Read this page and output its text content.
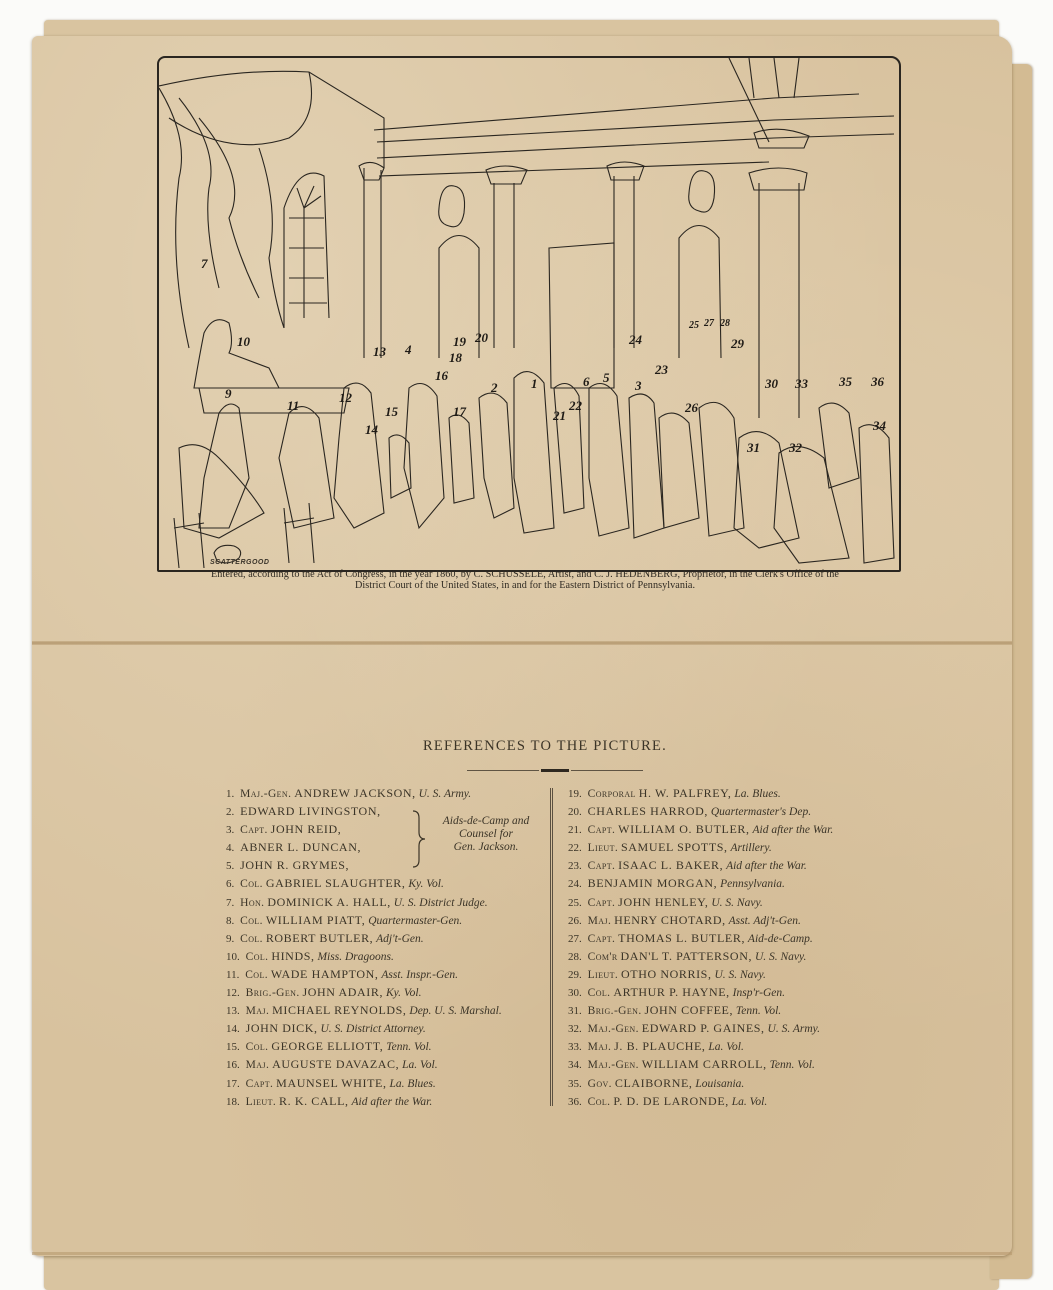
7
10
9
11
12
13 4
14
15
16
17
18
19 20
2	1
21
22
6 5
3
23
24
25 27 28
26
29
30 33 35 36
34
31 32
SCATTERGOOD
Entered, according to the Act of Congress, in the year 1860, by C. SCHUSSELE, Artist, and C. J. HEDENBERG, Proprietor, in the Clerk's Office of the
District Court of the United States, in and for the Eastern District of Pennsylvania.
REFERENCES TO THE PICTURE.
1. Maj.-Gen. ANDREW JACKSON, U. S. Army.
2. EDWARD LIVINGSTON,
3. Capt. JOHN REID,
4. ABNER L. DUNCAN,
5. JOHN R. GRYMES,
6. Col. GABRIEL SLAUGHTER, Ky. Vol.
7. Hon. DOMINICK A. HALL, U. S. District Judge.
8. Col. WILLIAM PIATT, Quartermaster-Gen.
9. Col. ROBERT BUTLER, Adj't-Gen.
10. Col. HINDS, Miss. Dragoons.
11. Col. WADE HAMPTON, Asst. Inspr.-Gen.
12. Brig.-Gen. JOHN ADAIR, Ky. Vol.
13. Maj. MICHAEL REYNOLDS, Dep. U. S. Marshal.
14. JOHN DICK, U. S. District Attorney.
15. Col. GEORGE ELLIOTT, Tenn. Vol.
16. Maj. AUGUSTE DAVAZAC, La. Vol.
17. Capt. MAUNSEL WHITE, La. Blues.
18. Lieut. R. K. CALL, Aid after the War.
19. Corporal H. W. PALFREY, La. Blues.
20. CHARLES HARROD, Quartermaster's Dep.
21. Capt. WILLIAM O. BUTLER, Aid after the War.
22. Lieut. SAMUEL SPOTTS, Artillery.
23. Capt. ISAAC L. BAKER, Aid after the War.
24. BENJAMIN MORGAN, Pennsylvania.
25. Capt. JOHN HENLEY, U. S. Navy.
26. Maj. HENRY CHOTARD, Asst. Adj't-Gen.
27. Capt. THOMAS L. BUTLER, Aid-de-Camp.
28. Com'r DAN'L T. PATTERSON, U. S. Navy.
29. Lieut. OTHO NORRIS, U. S. Navy.
30. Col. ARTHUR P. HAYNE, Insp'r-Gen.
31. Brig.-Gen. JOHN COFFEE, Tenn. Vol.
32. Maj.-Gen. EDWARD P. GAINES, U. S. Army.
33. Maj. J. B. PLAUCHE, La. Vol.
34. Maj.-Gen. WILLIAM CARROLL, Tenn. Vol.
35. Gov. CLAIBORNE, Louisania.
36. Col. P. D. DE LARONDE, La. Vol.
Aids-de-Camp and
Counsel for
Gen. Jackson.
